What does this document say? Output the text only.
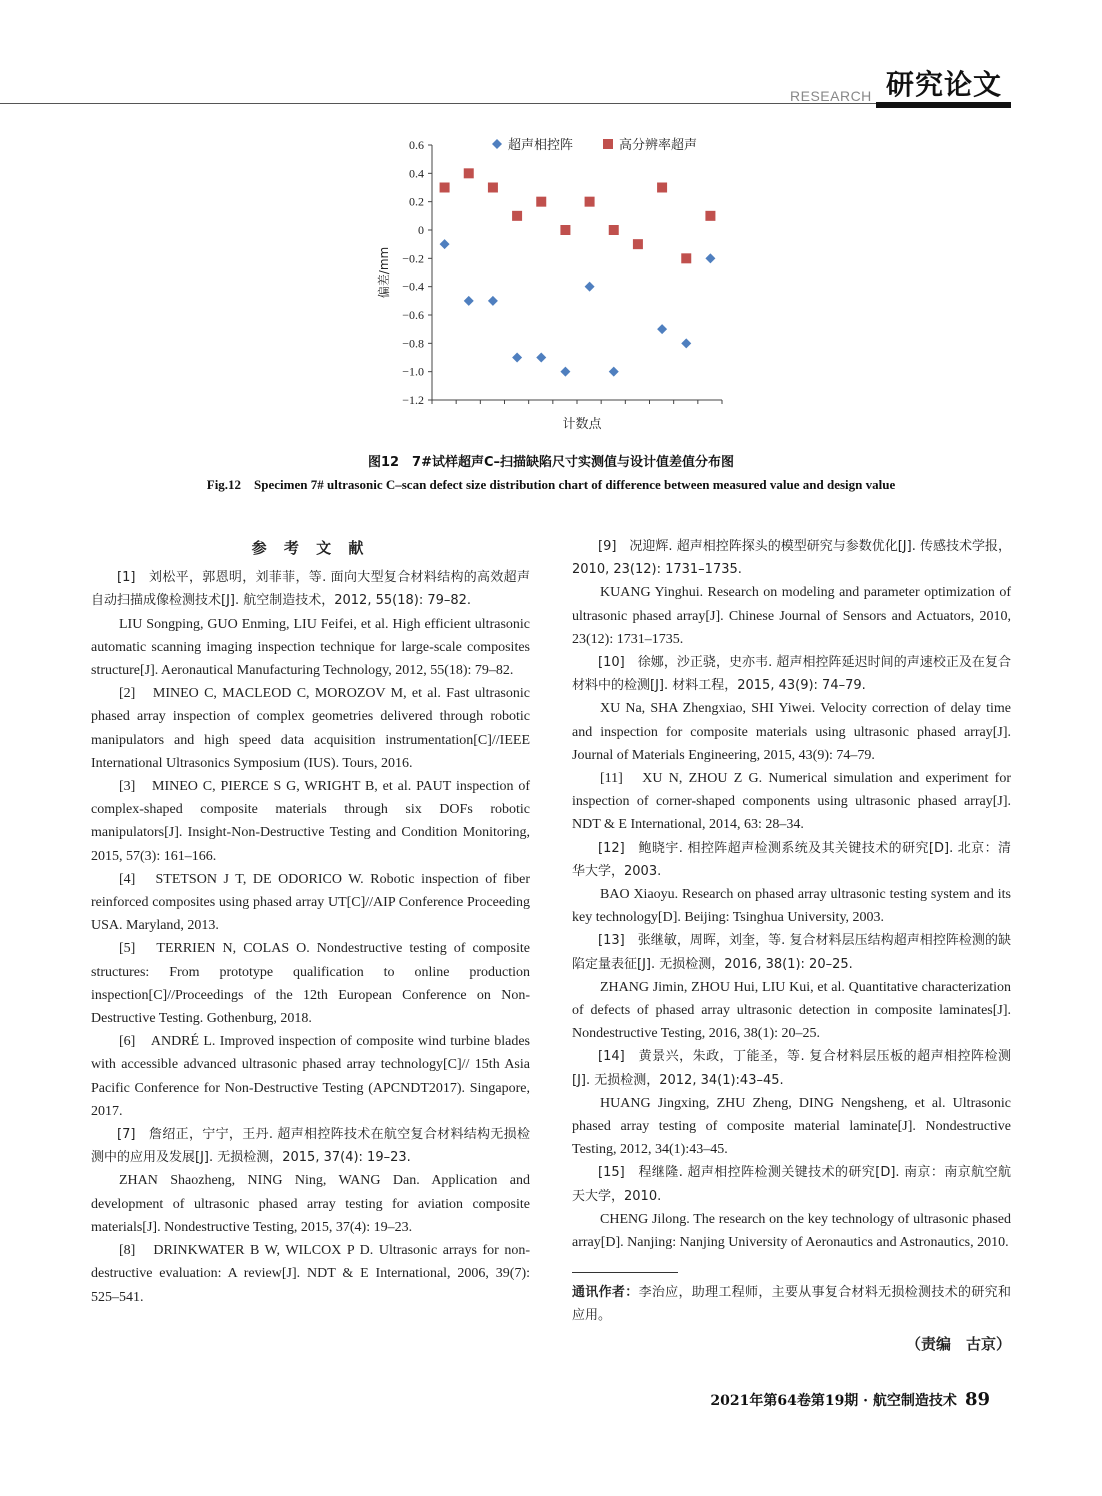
RESEARCH 研究论文
0.6
0.4
0.2
0
−0.2
−0.4
−0.6
−0.8
−1.0
−1.2
计数点
偏差/mm
超声相控阵	高分辨率超声
图12　7#试样超声C–扫描缺陷尺寸实测值与设计值差值分布图
Fig.12　Specimen 7# ultrasonic C–scan defect size distribution chart of difference between measured value and design value
参 考 文 献

[1]　刘松平，郭恩明，刘菲菲，等. 面向大型复合材料结构的高效超声自动扫描成像检测技术[J]. 航空制造技术，2012, 55(18): 79–82.

LIU Songping, GUO Enming, LIU Feifei, et al. High efficient ultrasonic automatic scanning imaging inspection technique for large-scale composites structure[J]. Aeronautical Manufacturing Technology, 2012, 55(18): 79–82.

[2]　MINEO C, MACLEOD C, MOROZOV M, et al. Fast ultrasonic phased array inspection of complex geometries delivered through robotic manipulators and high speed data acquisition instrumentation[C]//IEEE International Ultrasonics Symposium (IUS). Tours, 2016.

[3]　MINEO C, PIERCE S G, WRIGHT B, et al. PAUT inspection of complex-shaped composite materials through six DOFs robotic manipulators[J]. Insight-Non-Destructive Testing and Condition Monitoring, 2015, 57(3): 161–166.

[4]　STETSON J T, DE ODORICO W. Robotic inspection of fiber reinforced composites using phased array UT[C]//AIP Conference Proceeding USA. Maryland, 2013.

[5]　TERRIEN N, COLAS O. Nondestructive testing of composite structures: From prototype qualification to online production inspection[C]//Proceedings of the 12th European Conference on Non-Destructive Testing. Gothenburg, 2018.

[6]　ANDRÉ L. Improved inspection of composite wind turbine blades with accessible advanced ultrasonic phased array technology[C]// 15th Asia Pacific Conference for Non-Destructive Testing (APCNDT2017). Singapore, 2017.

[7]　詹绍正，宁宁，王丹. 超声相控阵技术在航空复合材料结构无损检测中的应用及发展[J]. 无损检测，2015, 37(4): 19–23.

ZHAN Shaozheng, NING Ning, WANG Dan. Application and development of ultrasonic phased array testing for aviation composite materials[J]. Nondestructive Testing, 2015, 37(4): 19–23.

[8]　DRINKWATER B W, WILCOX P D. Ultrasonic arrays for non-destructive evaluation: A review[J]. NDT & E International, 2006, 39(7): 525–541.

[9]　况迎辉. 超声相控阵探头的模型研究与参数优化[J]. 传感技术学报，2010, 23(12): 1731–1735.

KUANG Yinghui. Research on modeling and parameter optimization of ultrasonic phased array[J]. Chinese Journal of Sensors and Actuators, 2010, 23(12): 1731–1735.

[10]　徐娜，沙正骁，史亦韦. 超声相控阵延迟时间的声速校正及在复合材料中的检测[J]. 材料工程，2015, 43(9): 74–79.

XU Na, SHA Zhengxiao, SHI Yiwei. Velocity correction of delay time and inspection for composite materials using ultrasonic phased array[J]. Journal of Materials Engineering, 2015, 43(9): 74–79.

[11]　XU N, ZHOU Z G. Numerical simulation and experiment for inspection of corner-shaped components using ultrasonic phased array[J]. NDT & E International, 2014, 63: 28–34.

[12]　鲍晓宇. 相控阵超声检测系统及其关键技术的研究[D]. 北京：清华大学，2003.

BAO Xiaoyu. Research on phased array ultrasonic testing system and its key technology[D]. Beijing: Tsinghua University, 2003.

[13]　张继敏，周晖，刘奎，等. 复合材料层压结构超声相控阵检测的缺陷定量表征[J]. 无损检测，2016, 38(1): 20–25.

ZHANG Jimin, ZHOU Hui, LIU Kui, et al. Quantitative characterization of defects of phased array ultrasonic detection in composite laminates[J]. Nondestructive Testing, 2016, 38(1): 20–25.

[14]　黄景兴，朱政，丁能圣，等. 复合材料层压板的超声相控阵检测 [J]. 无损检测，2012, 34(1):43–45.

HUANG Jingxing, ZHU Zheng, DING Nengsheng, et al. Ultrasonic phased array testing of composite material laminate[J]. Nondestructive Testing, 2012, 34(1):43–45.

[15]　程继隆. 超声相控阵检测关键技术的研究[D]. 南京：南京航空航天大学，2010.

CHENG Jilong. The research on the key technology of ultrasonic phased array[D]. Nanjing: Nanjing University of Aeronautics and Astronautics, 2010.

通讯作者：李治应，助理工程师，主要从事复合材料无损检测技术的研究和应用。
（责编　古京）
2021年第64卷第19期 · 航空制造技术 89
